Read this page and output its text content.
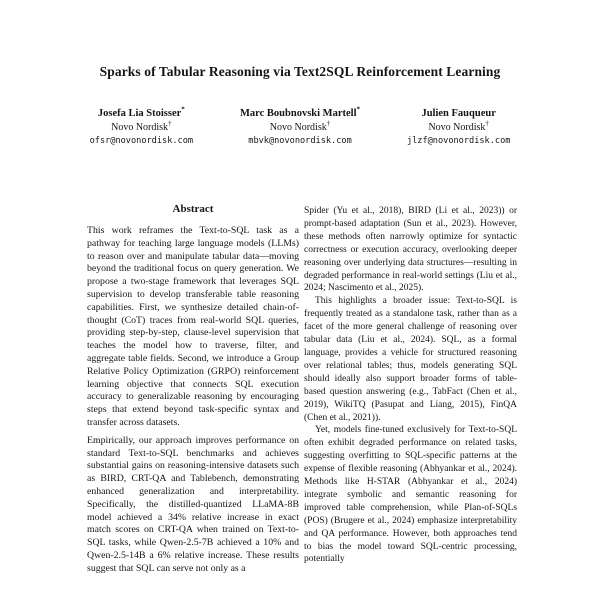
Sparks of Tabular Reasoning via Text2SQL Reinforcement Learning
Josefa Lia Stoisser*
Novo Nordisk†
ofsr@novonordisk.com
Marc Boubnovski Martell*
Novo Nordisk†
mbvk@novonordisk.com
Julien Fauqueur
Novo Nordisk†
jlzf@novonordisk.com
Abstract

This work reframes the Text-to-SQL task as a pathway for teaching large language models (LLMs) to reason over and manipulate tabular data—moving beyond the traditional focus on query generation. We propose a two-stage framework that leverages SQL supervision to develop transferable table reasoning capabilities. First, we synthesize detailed chain-of-thought (CoT) traces from real-world SQL queries, providing step-by-step, clause-level supervision that teaches the model how to traverse, filter, and aggregate table fields. Second, we introduce a Group Relative Policy Optimization (GRPO) reinforcement learning objective that connects SQL execution accuracy to generalizable reasoning by encouraging steps that extend beyond task-specific syntax and transfer across datasets.

Empirically, our approach improves performance on standard Text-to-SQL benchmarks and achieves substantial gains on reasoning-intensive datasets such as BIRD, CRT-QA and Tablebench, demonstrating enhanced generalization and interpretability. Specifically, the distilled-quantized LLaMA-8B model achieved a 34% relative increase in exact match scores on CRT-QA when trained on Text-to-SQL tasks, while Qwen-2.5-7B achieved a 10% and Qwen-2.5-14B a 6% relative increase. These results suggest that SQL can serve not only as a

Spider (Yu et al., 2018), BIRD (Li et al., 2023)) or prompt-based adaptation (Sun et al., 2023). However, these methods often narrowly optimize for syntactic correctness or execution accuracy, overlooking deeper reasoning over underlying data structures—resulting in degraded performance in real-world settings (Liu et al., 2024; Nascimento et al., 2025).

This highlights a broader issue: Text-to-SQL is frequently treated as a standalone task, rather than as a facet of the more general challenge of reasoning over tabular data (Liu et al., 2024). SQL, as a formal language, provides a vehicle for structured reasoning over relational tables; thus, models generating SQL should ideally also support broader forms of table-based question answering (e.g., TabFact (Chen et al., 2019), WikiTQ (Pasupat and Liang, 2015), FinQA (Chen et al., 2021)).

Yet, models fine-tuned exclusively for Text-to-SQL often exhibit degraded performance on related tasks, suggesting overfitting to SQL-specific patterns at the expense of flexible reasoning (Abhyankar et al., 2024). Methods like H-STAR (Abhyankar et al., 2024) integrate symbolic and semantic reasoning for improved table comprehension, while Plan-of-SQLs (POS) (Brugere et al., 2024) emphasize interpretability and QA performance. However, both approaches tend to bias the model toward SQL-centric processing, potentially
